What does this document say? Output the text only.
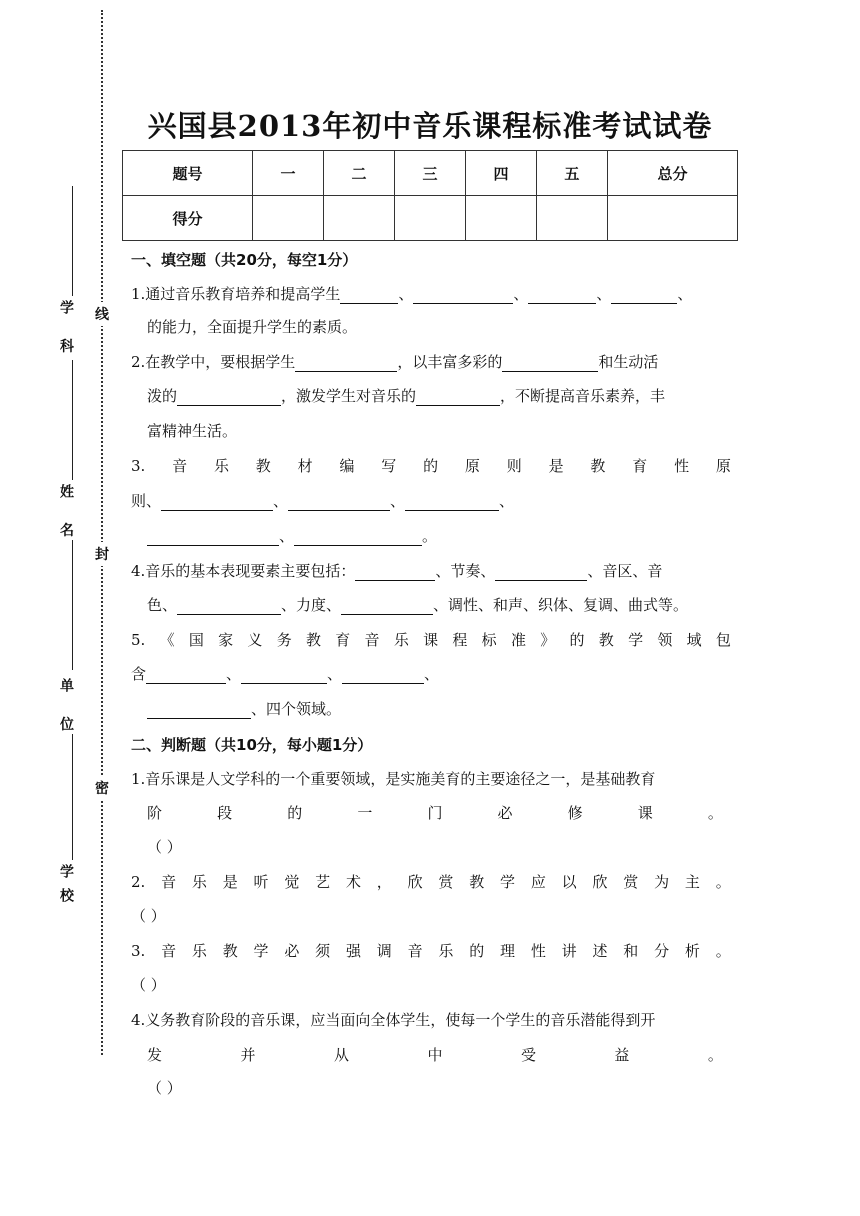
学 科
姓 名
单 位
学校
线
封
密
兴国县2013年初中音乐课程标准考试试卷
题号	一	二	三	四	五	总分
得分						
一、填空题（共20分，每空1分）
1.通过音乐教育培养和提高学生	、	、	、	、
的能力，全面提升学生的素质。
2.在教学中，要根据学生	，以丰富多彩的	和生动活
泼的	，激发学生对音乐的	，不断提高音乐素养，丰
富精神生活。
3. 音 乐 教 材 编 写 的 原 则 是 教 育 性 原
则、	、	、	、
、	。
4.音乐的基本表现要素主要包括：	、节奏、	、音区、音
色、	、力度、	、调性、和声、织体、复调、曲式等。
5. 《 国 家 义 务 教 育 音 乐 课 程 标 准 》 的 教 学 领 域 包
含	、	、	、
、四个领域。
二、判断题（共10分，每小题1分）
1.音乐课是人文学科的一个重要领域，是实施美育的主要途径之一，是基础教育
阶	段	的	一	门	必	修	课	。
（ ）
2. 音 乐 是 听 觉 艺 术 ， 欣 赏 教 学 应 以 欣 赏 为 主 。
（ ）
3. 音 乐 教 学 必 须 强 调 音 乐 的 理 性 讲 述 和 分 析 。
（ ）
4.义务教育阶段的音乐课，应当面向全体学生，使每一个学生的音乐潜能得到开
发	并	从	中	受	益	。
（ ）
